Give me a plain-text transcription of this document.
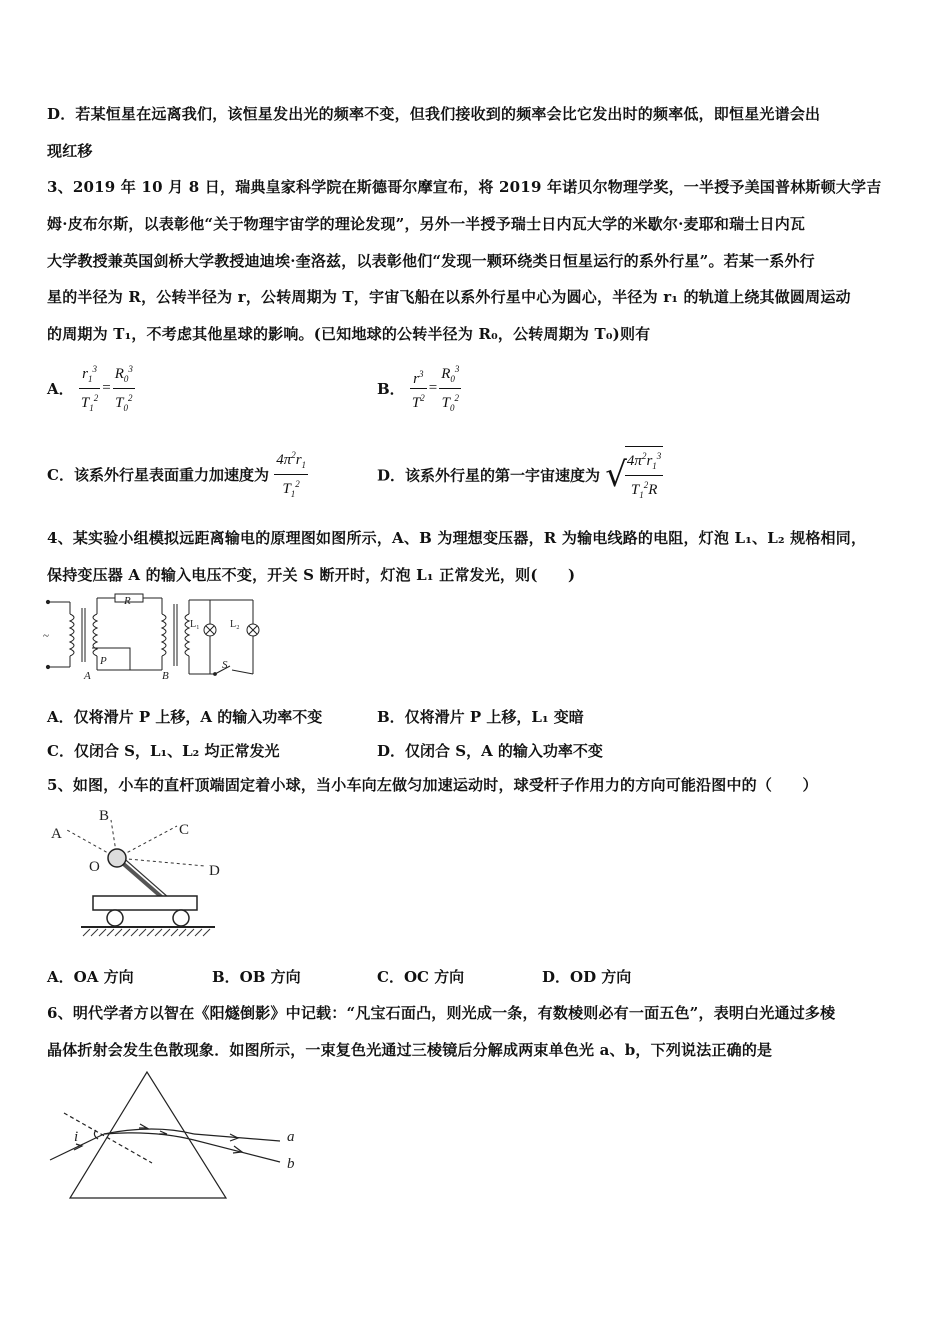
D．若某恒星在远离我们，该恒星发出光的频率不变，但我们接收到的频率会比它发出时的频率低，即恒星光谱会出
现红移
3、2019 年 10 月 8 日，瑞典皇家科学院在斯德哥尔摩宣布，将 2019 年诺贝尔物理学奖，一半授予美国普林斯顿大学吉
姆·皮布尔斯，以表彰他“关于物理宇宙学的理论发现”，另外一半授予瑞士日内瓦大学的米歇尔·麦耶和瑞士日内瓦
大学教授兼英国剑桥大学教授迪迪埃·奎洛兹，以表彰他们“发现一颗环绕类日恒星运行的系外行星”。若某一系外行
星的半径为 R，公转半径为 r，公转周期为 T，宇宙飞船在以系外行星中心为圆心，半径为 r₁ 的轨道上绕其做圆周运动
的周期为 T₁，不考虑其他星球的影响。(已知地球的公转半径为 R₀，公转周期为 T₀)则有
A． $\frac{r_1^3}{T_1^2} = \frac{R_0^3}{T_0^2}$	B． $\frac{r^3}{T^2} = \frac{R_0^3}{T_0^2}$
C．该系外行星表面重力加速度为 $\frac{4\pi^2r_1}{T_1^2}$	D．该系外行星的第一宇宙速度为 √
$\frac{4\pi^2r_1^3}{T_1^2R}$
4、某实验小组模拟远距离输电的原理图如图所示，A、B 为理想变压器，R 为输电线路的电阻，灯泡 L₁、L₂ 规格相同，
保持变压器 A 的输入电压不变，开关 S 断开时，灯泡 L₁ 正常发光，则(　　)
~
R
P
A	B
L₁	L₂
S
A．仅将滑片 P 上移，A 的输入功率不变	B．仅将滑片 P 上移，L₁ 变暗
C．仅闭合 S，L₁、L₂ 均正常发光	D．仅闭合 S，A 的输入功率不变
5、如图，小车的直杆顶端固定着小球，当小车向左做匀加速运动时，球受杆子作用力的方向可能沿图中的（　　）
A
B
C
D
O
A．OA 方向	B．OB 方向	C．OC 方向	D．OD 方向
6、明代学者方以智在《阳燧倒影》中记载：“凡宝石面凸，则光成一条，有数棱则必有一面五色”，表明白光通过多棱
晶体折射会发生色散现象．如图所示，一束复色光通过三棱镜后分解成两束单色光 a、b，下列说法正确的是
i	a
b
